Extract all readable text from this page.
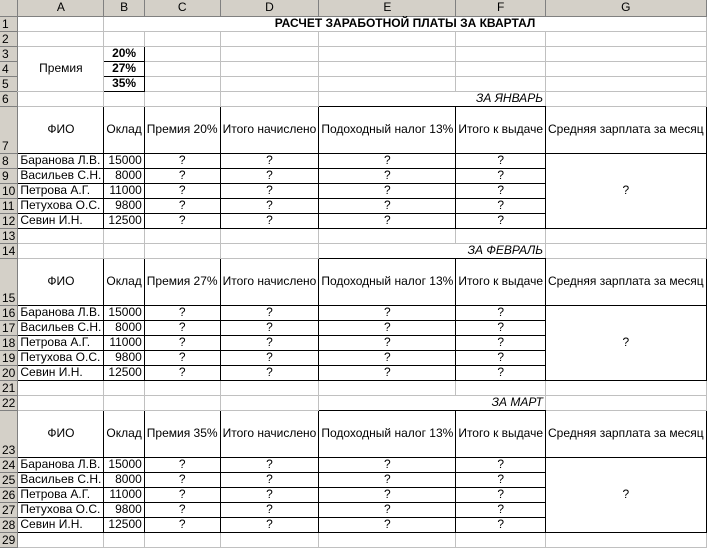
	A	B	C	D	E	F	G
1		РАСЧЕТ ЗАРАБОТНОЙ ПЛАТЫ ЗА КВАРТАЛ					
2							
3	Премия	20%					
4		27%					
5		35%					
6					ЗА ЯНВАРЬ		
7	ФИО	Оклад	Премия 20%	Итого начислено	Подоходный налог 13%	Итого к выдаче	Средняя зарплата за месяц
8	Баранова Л.В.	15000	?	?	?	?	?
9	Васильев С.Н.	8000	?	?	?	?	
10	Петрова А.Г.	11000	?	?	?	?	
11	Петухова О.С.	9800	?	?	?	?	
12	Севин И.Н.	12500	?	?	?	?	
13							
14					ЗА ФЕВРАЛЬ		
15	ФИО	Оклад	Премия 27%	Итого начислено	Подоходный налог 13%	Итого к выдаче	Средняя зарплата за месяц
16	Баранова Л.В.	15000	?	?	?	?	?
17	Васильев С.Н.	8000	?	?	?	?	
18	Петрова А.Г.	11000	?	?	?	?	
19	Петухова О.С.	9800	?	?	?	?	
20	Севин И.Н.	12500	?	?	?	?	
21							
22					ЗА МАРТ		
23	ФИО	Оклад	Премия 35%	Итого начислено	Подоходный налог 13%	Итого к выдаче	Средняя зарплата за месяц
24	Баранова Л.В.	15000	?	?	?	?	?
25	Васильев С.Н.	8000	?	?	?	?	
26	Петрова А.Г.	11000	?	?	?	?	
27	Петухова О.С.	9800	?	?	?	?	
28	Севин И.Н.	12500	?	?	?	?	
29							
